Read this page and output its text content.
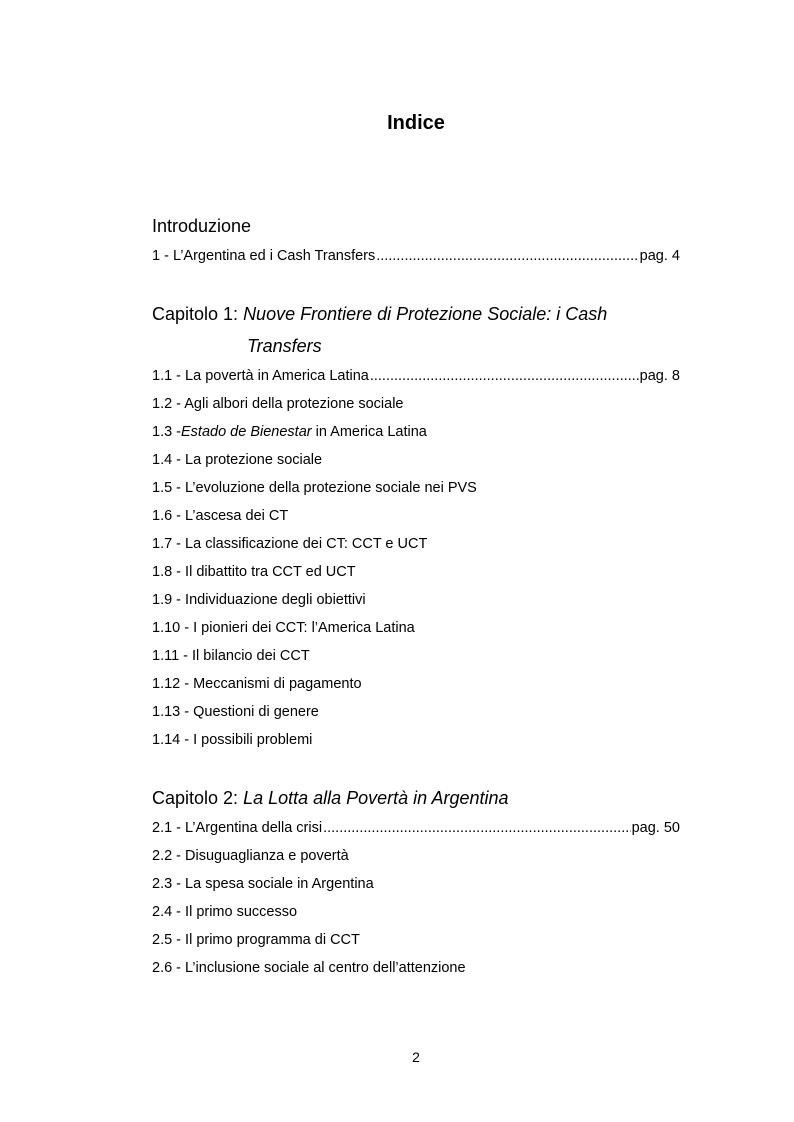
Indice
Introduzione
1 - L’Argentina ed i Cash Transfers .....	pag. 4
Capitolo 1: Nuove Frontiere di Protezione Sociale: i Cash
Transfers
1.1 - La povertà in America Latina .....	pag. 8
1.2 - Agli albori della protezione sociale
1.3 - Estado de Bienestar in America Latina
1.4 - La protezione sociale
1.5 - L’evoluzione della protezione sociale nei PVS
1.6 - L’ascesa dei CT
1.7 - La classificazione dei CT: CCT e UCT
1.8 - Il dibattito tra CCT ed UCT
1.9 - Individuazione degli obiettivi
1.10 - I pionieri dei CCT: l’America Latina
1.11 - Il bilancio dei CCT
1.12 - Meccanismi di pagamento
1.13 - Questioni di genere
1.14 - I possibili problemi
Capitolo 2: La Lotta alla Povertà in Argentina
2.1 - L’Argentina della crisi .....	pag. 50
2.2 - Disuguaglianza e povertà
2.3 - La spesa sociale in Argentina
2.4 - Il primo successo
2.5 - Il primo programma di CCT
2.6 - L’inclusione sociale al centro dell’attenzione
2
